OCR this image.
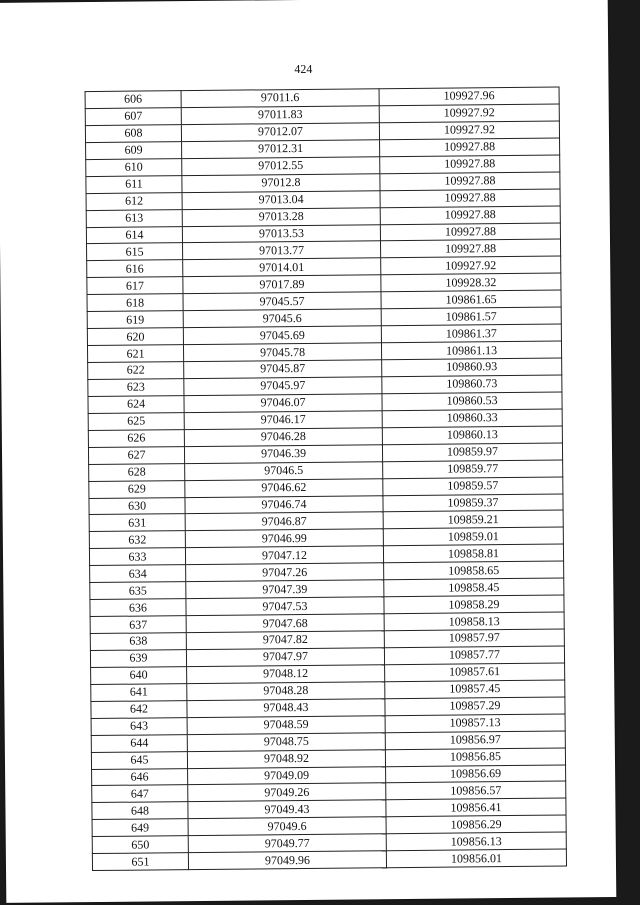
424
606	97011.6	109927.96
607	97011.83	109927.92
608	97012.07	109927.92
609	97012.31	109927.88
610	97012.55	109927.88
611	97012.8	109927.88
612	97013.04	109927.88
613	97013.28	109927.88
614	97013.53	109927.88
615	97013.77	109927.88
616	97014.01	109927.92
617	97017.89	109928.32
618	97045.57	109861.65
619	97045.6	109861.57
620	97045.69	109861.37
621	97045.78	109861.13
622	97045.87	109860.93
623	97045.97	109860.73
624	97046.07	109860.53
625	97046.17	109860.33
626	97046.28	109860.13
627	97046.39	109859.97
628	97046.5	109859.77
629	97046.62	109859.57
630	97046.74	109859.37
631	97046.87	109859.21
632	97046.99	109859.01
633	97047.12	109858.81
634	97047.26	109858.65
635	97047.39	109858.45
636	97047.53	109858.29
637	97047.68	109858.13
638	97047.82	109857.97
639	97047.97	109857.77
640	97048.12	109857.61
641	97048.28	109857.45
642	97048.43	109857.29
643	97048.59	109857.13
644	97048.75	109856.97
645	97048.92	109856.85
646	97049.09	109856.69
647	97049.26	109856.57
648	97049.43	109856.41
649	97049.6	109856.29
650	97049.77	109856.13
651	97049.96	109856.01
